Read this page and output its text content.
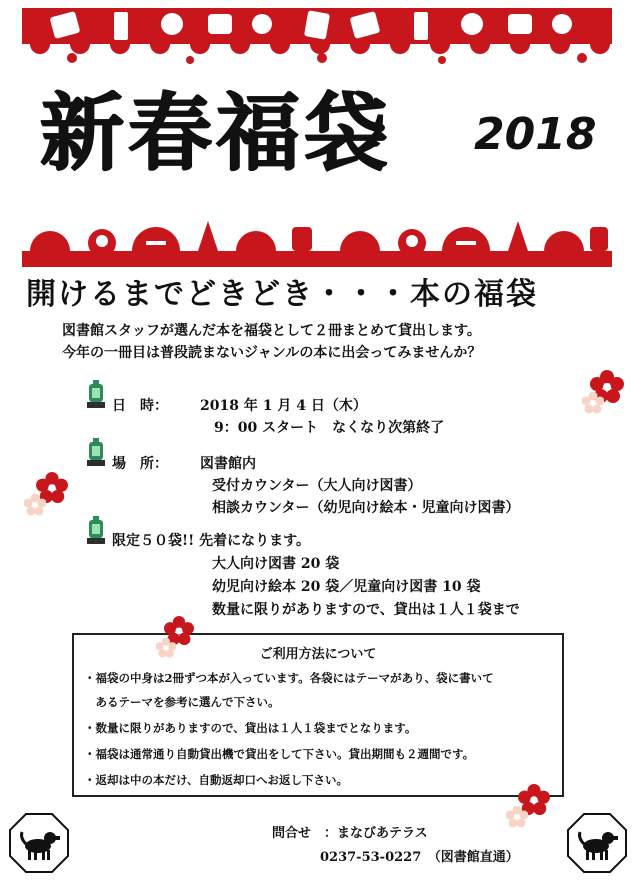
新春福袋 2018
開けるまでどきどき・・・本の福袋
図書館スタッフが選んだ本を福袋として２冊まとめて貸出します。
今年の一冊目は普段読まないジャンルの本に出会ってみませんか？
日　時： 2018 年 1 月 4 日（木）
9：00 スタート　なくなり次第終了
場　所： 図書館内
受付カウンター（大人向け図書）
相談カウンター（幼児向け絵本・児童向け図書）
限定５０袋!! 先着になります。
大人向け図書 20 袋
幼児向け絵本 20 袋／児童向け図書 10 袋
数量に限りがありますので、貸出は１人１袋まで
ご利用方法について
・福袋の中身は2冊ずつ本が入っています。各袋にはテーマがあり、袋に書いて
　あるテーマを参考に選んで下さい。
・数量に限りがありますので、貸出は１人１袋までとなります。
・福袋は通常通り自動貸出機で貸出をして下さい。貸出期間も２週間です。
・返却は中の本だけ、自動返却口へお返し下さい。
問合せ　：まなびあテラス
0237-53-0227　（図書館直通）
